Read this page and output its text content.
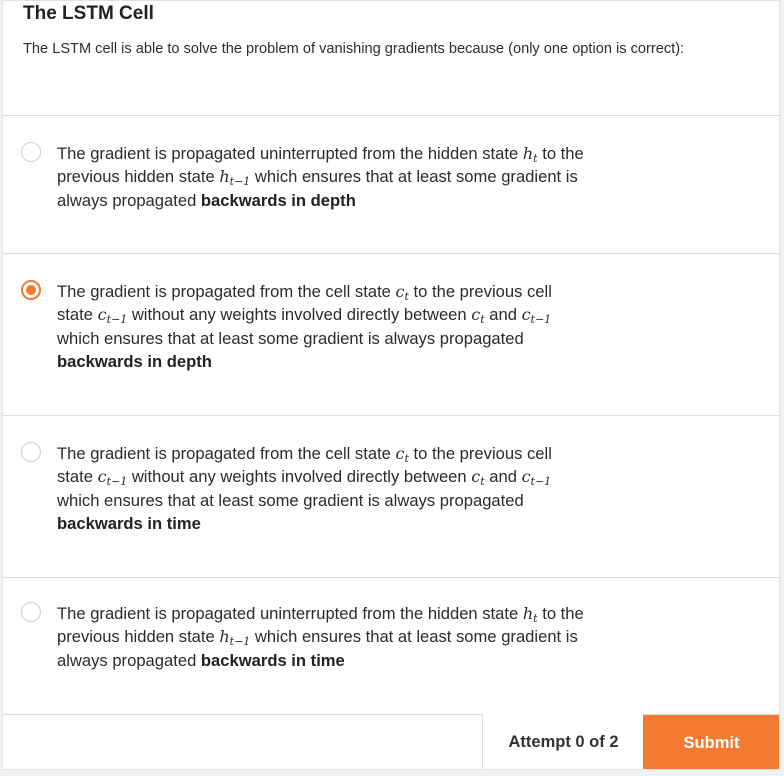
The LSTM Cell
The LSTM cell is able to solve the problem of vanishing gradients because (only one option is correct):
The gradient is propagated uninterrupted from the hidden state $h_t$ to the
previous hidden state $h_{t-1}$ which ensures that at least some gradient is
always propagated backwards in depth
The gradient is propagated from the cell state $c_t$ to the previous cell
state $c_{t-1}$ without any weights involved directly between $c_t$ and $c_{t-1}$
which ensures that at least some gradient is always propagated
backwards in depth
The gradient is propagated from the cell state $c_t$ to the previous cell
state $c_{t-1}$ without any weights involved directly between $c_t$ and $c_{t-1}$
which ensures that at least some gradient is always propagated
backwards in time
The gradient is propagated uninterrupted from the hidden state $h_t$ to the
previous hidden state $h_{t-1}$ which ensures that at least some gradient is
always propagated backwards in time
Attempt 0 of 2	Submit
